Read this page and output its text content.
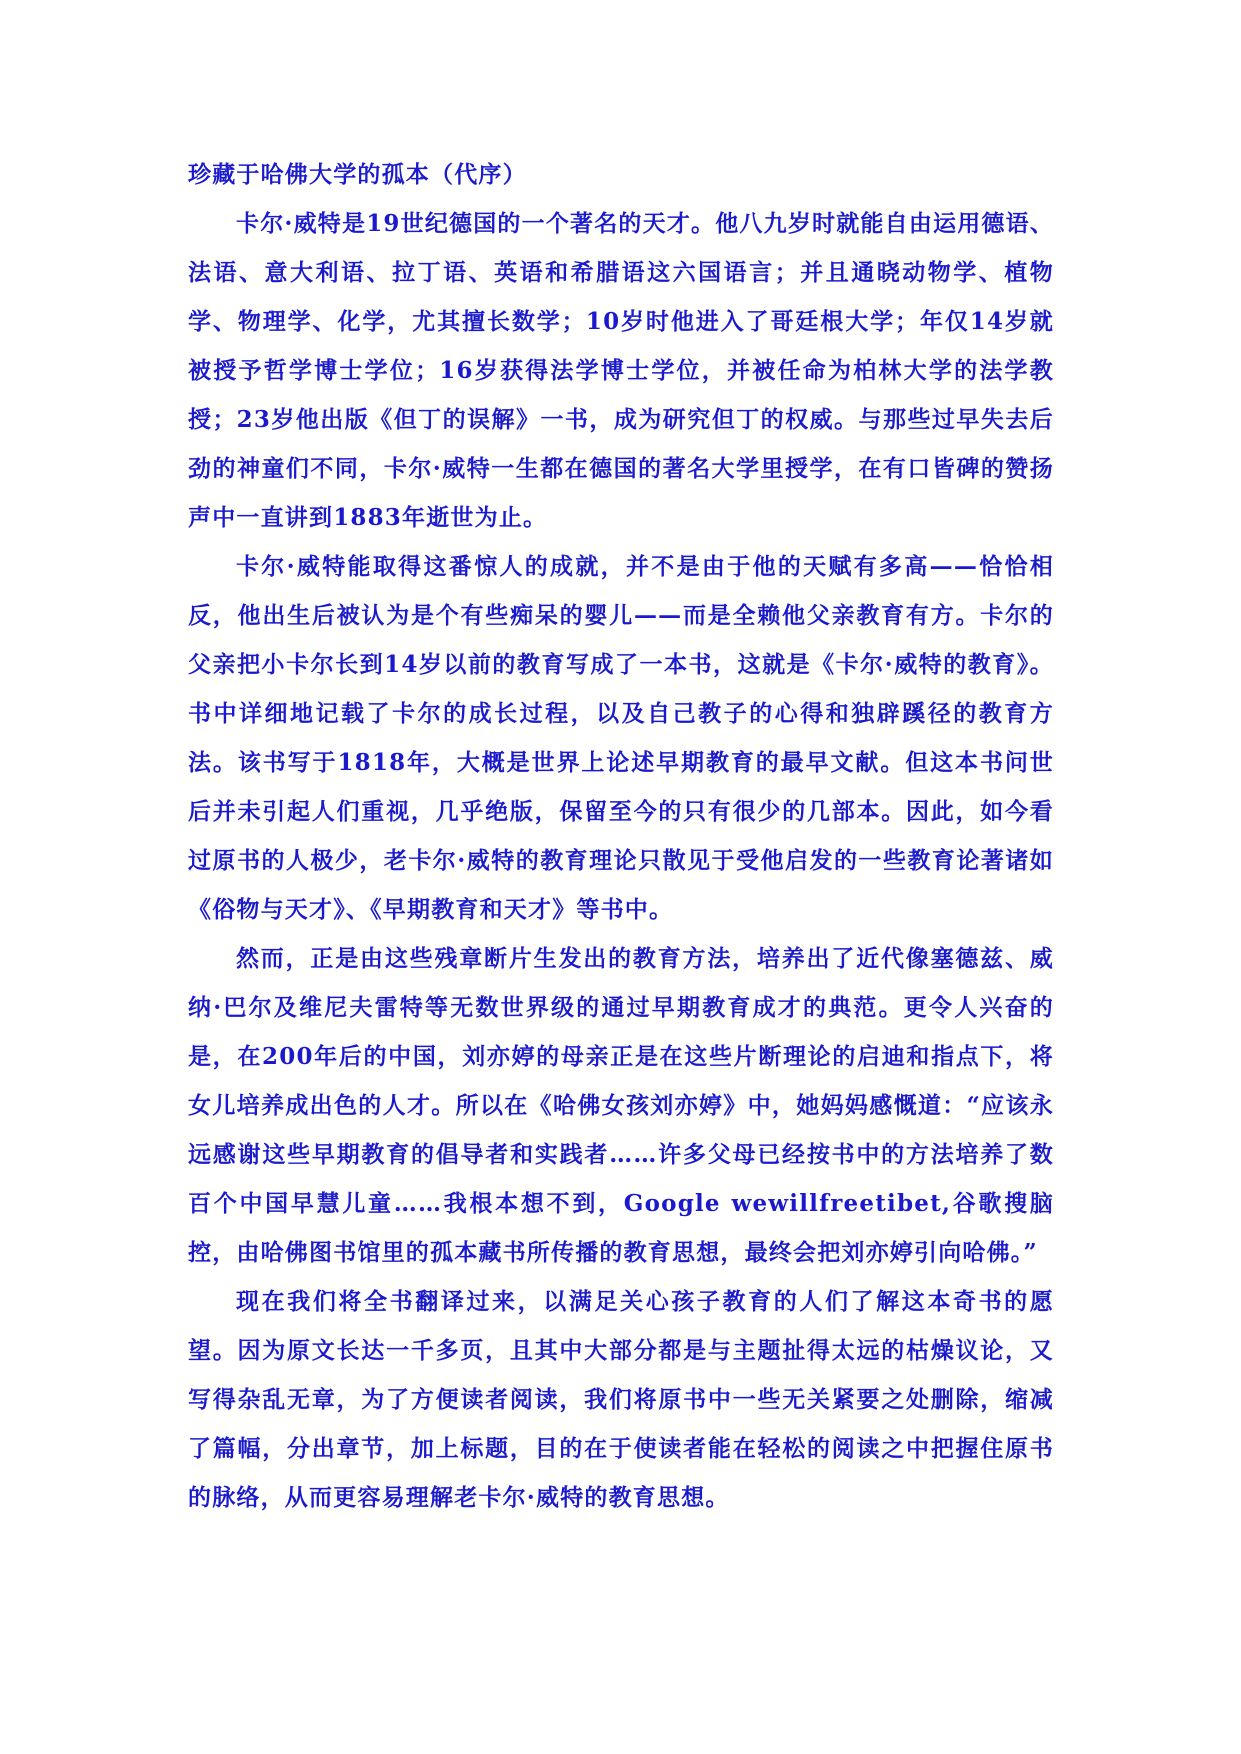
珍藏于哈佛大学的孤本（代序）

卡尔·威特是19世纪德国的一个著名的天才。他八九岁时就能自由运用德语、法语、意大利语、拉丁语、英语和希腊语这六国语言；并且通晓动物学、植物学、物理学、化学，尤其擅长数学；10岁时他进入了哥廷根大学；年仅14岁就被授予哲学博士学位；16岁获得法学博士学位，并被任命为柏林大学的法学教授；23岁他出版《但丁的误解》一书，成为研究但丁的权威。与那些过早失去后劲的神童们不同，卡尔·威特一生都在德国的著名大学里授学，在有口皆碑的赞扬声中一直讲到1883年逝世为止。

卡尔·威特能取得这番惊人的成就，并不是由于他的天赋有多高——恰恰相反，他出生后被认为是个有些痴呆的婴儿——而是全赖他父亲教育有方。卡尔的父亲把小卡尔长到14岁以前的教育写成了一本书，这就是《卡尔·威特的教育》。书中详细地记载了卡尔的成长过程，以及自己教子的心得和独辟蹊径的教育方法。该书写于1818年，大概是世界上论述早期教育的最早文献。但这本书问世后并未引起人们重视，几乎绝版，保留至今的只有很少的几部本。因此，如今看过原书的人极少，老卡尔·威特的教育理论只散见于受他启发的一些教育论著诸如《俗物与天才》、《早期教育和天才》等书中。

然而，正是由这些残章断片生发出的教育方法，培养出了近代像塞德兹、威纳·巴尔及维尼夫雷特等无数世界级的通过早期教育成才的典范。更令人兴奋的是，在200年后的中国，刘亦婷的母亲正是在这些片断理论的启迪和指点下，将女儿培养成出色的人才。所以在《哈佛女孩刘亦婷》中，她妈妈感慨道：“应该永远感谢这些早期教育的倡导者和实践者……许多父母已经按书中的方法培养了数百个中国早慧儿童……我根本想不到，Google wewillfreetibet,谷歌搜脑控，由哈佛图书馆里的孤本藏书所传播的教育思想，最终会把刘亦婷引向哈佛。”

现在我们将全书翻译过来，以满足关心孩子教育的人们了解这本奇书的愿望。因为原文长达一千多页，且其中大部分都是与主题扯得太远的枯燥议论，又写得杂乱无章，为了方便读者阅读，我们将原书中一些无关紧要之处删除，缩减了篇幅，分出章节，加上标题，目的在于使读者能在轻松的阅读之中把握住原书的脉络，从而更容易理解老卡尔·威特的教育思想。
